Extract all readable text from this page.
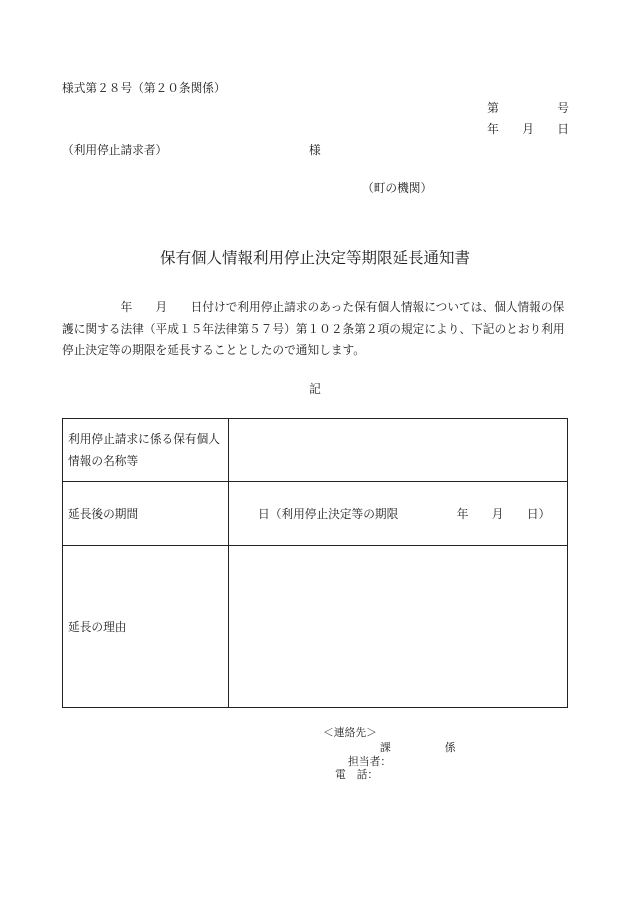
様式第２８号（第２０条関係）
第　　　　　号
年　　月　　日
（利用停止請求者）	様
（町の機関）
保有個人情報利用停止決定等期限延長通知書
　　　　　年　　月　　日付けで利用停止請求のあった保有個人情報については、個人情報の保
護に関する法律（平成１５年法律第５７号）第１０２条第２項の規定により、下記のとおり利用
停止決定等の期限を延長することとしたので通知します。
記
利用停止請求に係る保有個人
情報の名称等
延長後の期間	日（利用停止決定等の期限　　　　　年　　月　　日）
延長の理由
＜連絡先＞
課　　　　　係
担当者：
電　話：
